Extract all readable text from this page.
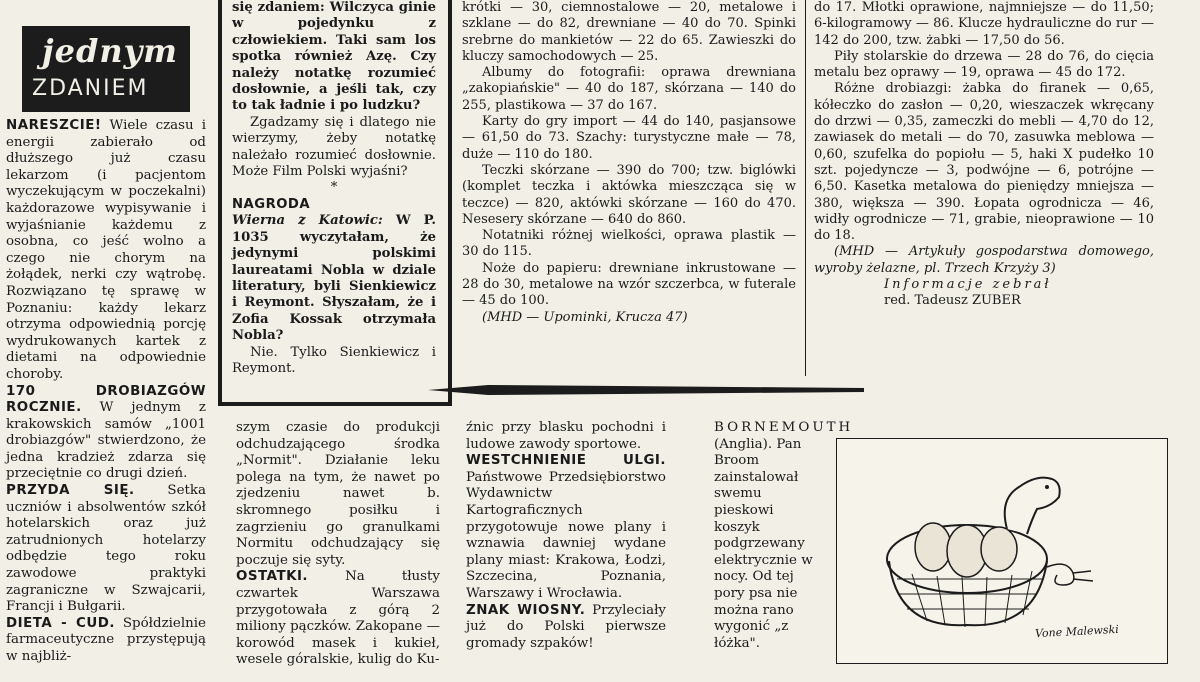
jednym
ZDANIEM

NARESZCIE! Wiele czasu i energii zabierało od dłuższego już czasu lekarzom (i pacjentom wyczekującym w poczekalni) każdorazowe wypisywanie i wyjaśnianie każdemu z osobna, co jeść wolno a czego nie chorym na żołądek, nerki czy wątrobę. Rozwiązano tę sprawę w Poznaniu: każdy lekarz otrzyma odpowiednią porcję wydrukowanych kartek z dietami na odpowiednie choroby.

170 DROBIAZGÓW ROCZNIE. W jednym z krakowskich samów „1001 drobiazgów" stwierdzono, że jedna kradzież zdarza się przeciętnie co drugi dzień.

PRZYDA SIĘ. Setka uczniów i absolwentów szkół hotelarskich oraz już zatrudnionych hotelarzy odbędzie tego roku zawodowe praktyki zagraniczne w Szwajcarii, Francji i Bułgarii.

DIETA - CUD. Spółdzielnie farmaceutyczne przystępują w najbliż-

się zdaniem: Wilczyca ginie w pojedynku z człowiekiem. Taki sam los spotka również Azę. Czy należy notatkę rozumieć dosłownie, a jeśli tak, czy to tak ładnie i po ludzku?

Zgadzamy się i dlatego nie wierzymy, żeby notatkę należało rozumieć dosłownie. Może Film Polski wyjaśni?

*

NAGRODA

Wierna z Katowic: W P. 1035 wyczytałam, że jedynymi polskimi laureatami Nobla w dziale literatury, byli Sienkiewicz i Reymont. Słyszałam, że i Zofia Kossak otrzymała Nobla?

Nie. Tylko Sienkiewicz i Reymont.

krótki — 30, ciemnostalowe — 20, metalowe i szklane — do 82, drewniane — 40 do 70. Spinki srebrne do mankietów — 22 do 65. Zawieszki do kluczy samochodowych — 25.

Albumy do fotografii: oprawa drewniana „zakopiańskie" — 40 do 187, skórzana — 140 do 255, plastikowa — 37 do 167.

Karty do gry import — 44 do 140, pasjansowe — 61,50 do 73. Szachy: turystyczne małe — 78, duże — 110 do 180.

Teczki skórzane — 390 do 700; tzw. biglówki (komplet teczka i aktówka mieszcząca się w teczce) — 820, aktówki skórzane — 160 do 470. Nesesery skórzane — 640 do 860.

Notatniki różnej wielkości, oprawa plastik — 30 do 115.

Noże do papieru: drewniane inkrustowane — 28 do 30, metalowe na wzór szczerbca, w futerale — 45 do 100.

(MHD — Upominki, Krucza 47)

do 17. Młotki oprawione, najmniejsze — do 11,50; 6-kilogramowy — 86. Klucze hydrauliczne do rur — 142 do 200, tzw. żabki — 17,50 do 56.

Piły stolarskie do drzewa — 28 do 76, do cięcia metalu bez oprawy — 19, oprawa — 45 do 172.

Różne drobiazgi: żabka do firanek — 0,65, kółeczko do zasłon — 0,20, wieszaczek wkręcany do drzwi — 0,35, zameczki do mebli — 4,70 do 12, zawiasek do metali — do 70, zasuwka meblowa — 0,60, szufelka do popiołu — 5, haki X pudełko 10 szt. pojedyncze — 3, podwójne — 6, potrójne — 6,50. Kasetka metalowa do pieniędzy mniejsza — 380, większa — 390. Łopata ogrodnicza — 46, widły ogrodnicze — 71, grabie, nieoprawione — 10 do 18.

(MHD — Artykuły gospodarstwa domowego, wyroby żelazne, pl. Trzech Krzyży 3)

Informacje zebrał

red. Tadeusz ZUBER

szym czasie do produkcji odchudzającego środka „Normit". Działanie leku polega na tym, że nawet po zjedzeniu nawet b. skromnego posiłku i zagrzieniu go granulkami Normitu odchudzający się poczuje się syty.

OSTATKI.	Na tłusty czwartek Warszawa przygotowała z górą 2 miliony pączków. Zakopane — korowód masek i kukieł, wesele góralskie, kulig do Ku-

źnic przy blasku pochodni i ludowe zawody sportowe.

WESTCHNIENIE ULGI. Państwowe Przedsiębiorstwo Wydawnictw Kartograficznych przygotowuje nowe plany i wznawia dawniej wydane plany miast: Krakowa, Łodzi, Szczecina, Poznania, Warszawy i Wrocławia.

ZNAK WIOSNY. Przyleciały już do Polski pierwsze gromady szpaków!

BORNEMOUTH (Anglia). Pan Broom zainstalował swemu pieskowi koszyk podgrzewany elektrycznie w nocy. Od tej pory psa nie można rano wygonić „z łóżka".

Vone Malewski
